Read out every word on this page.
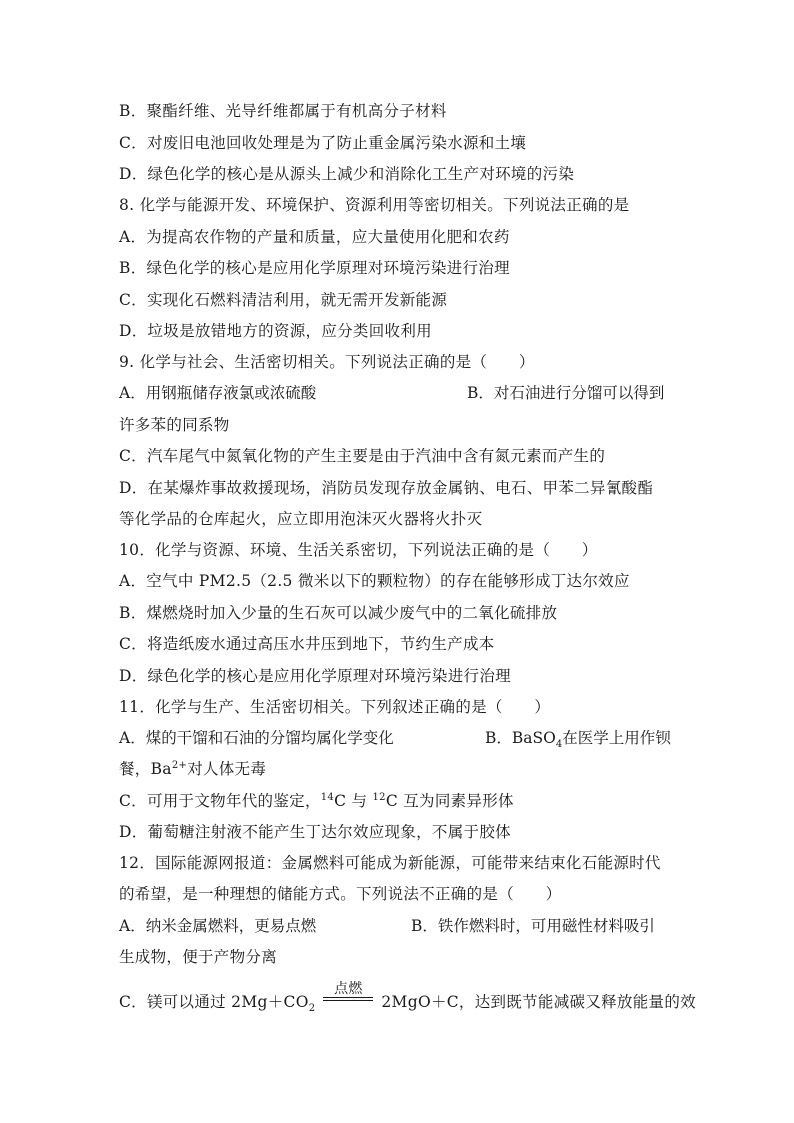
B．聚酯纤维、光导纤维都属于有机高分子材料
C．对废旧电池回收处理是为了防止重金属污染水源和土壤
D．绿色化学的核心是从源头上减少和消除化工生产对环境的污染
8. 化学与能源开发、环境保护、资源利用等密切相关。下列说法正确的是
A．为提高农作物的产量和质量，应大量使用化肥和农药
B．绿色化学的核心是应用化学原理对环境污染进行治理
C．实现化石燃料清洁利用，就无需开发新能源
D．垃圾是放错地方的资源，应分类回收利用
9. 化学与社会、生活密切相关。下列说法正确的是（　　）
A．用钢瓶储存液氯或浓硫酸	B．对石油进行分馏可以得到
许多苯的同系物
C．汽车尾气中氮氧化物的产生主要是由于汽油中含有氮元素而产生的
D．在某爆炸事故救援现场，消防员发现存放金属钠、电石、甲苯二异氰酸酯
等化学品的仓库起火，应立即用泡沫灭火器将火扑灭
10．化学与资源、环境、生活关系密切，下列说法正确的是（　　）
A．空气中 PM2.5（2.5 微米以下的颗粒物）的存在能够形成丁达尔效应
B．煤燃烧时加入少量的生石灰可以减少废气中的二氧化硫排放
C．将造纸废水通过高压水井压到地下，节约生产成本
D．绿色化学的核心是应用化学原理对环境污染进行治理
11．化学与生产、生活密切相关。下列叙述正确的是（　　）
A．煤的干馏和石油的分馏均属化学变化	B．BaSO$_4$在医学上用作钡
餐，$Ba^{2+}$对人体无毒
C．可用于文物年代的鉴定，$^{14}$C 与 $^{12}$C 互为同素异形体
D．葡萄糖注射液不能产生丁达尔效应现象，不属于胶体
12．国际能源网报道：金属燃料可能成为新能源，可能带来结束化石能源时代
的希望，是一种理想的储能方式。下列说法不正确的是（　　）
A．纳米金属燃料，更易点燃	B．铁作燃料时，可用磁性材料吸引
生成物，便于产物分离
C．镁可以通过 $2Mg+CO_2$
点燃
2MgO＋C，达到既节能减碳又释放能量的效
